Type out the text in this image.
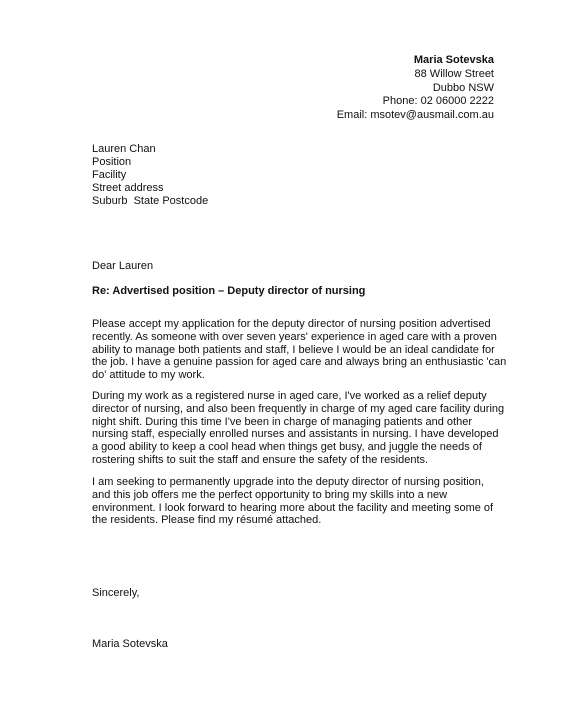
Maria Sotevska
88 Willow Street
Dubbo NSW
Phone: 02 06000 2222
Email: msotev@ausmail.com.au
Lauren Chan
Position
Facility
Street address
Suburb  State Postcode
Dear Lauren
Re: Advertised position – Deputy director of nursing
Please accept my application for the deputy director of nursing position advertised
recently. As someone with over seven years' experience in aged care with a proven
ability to manage both patients and staff, I believe I would be an ideal candidate for
the job. I have a genuine passion for aged care and always bring an enthusiastic 'can
do' attitude to my work.
During my work as a registered nurse in aged care, I've worked as a relief deputy
director of nursing, and also been frequently in charge of my aged care facility during
night shift. During this time I've been in charge of managing patients and other
nursing staff, especially enrolled nurses and assistants in nursing. I have developed
a good ability to keep a cool head when things get busy, and juggle the needs of
rostering shifts to suit the staff and ensure the safety of the residents.
I am seeking to permanently upgrade into the deputy director of nursing position,
and this job offers me the perfect opportunity to bring my skills into a new
environment. I look forward to hearing more about the facility and meeting some of
the residents. Please find my résumé attached.
Sincerely,
Maria Sotevska
